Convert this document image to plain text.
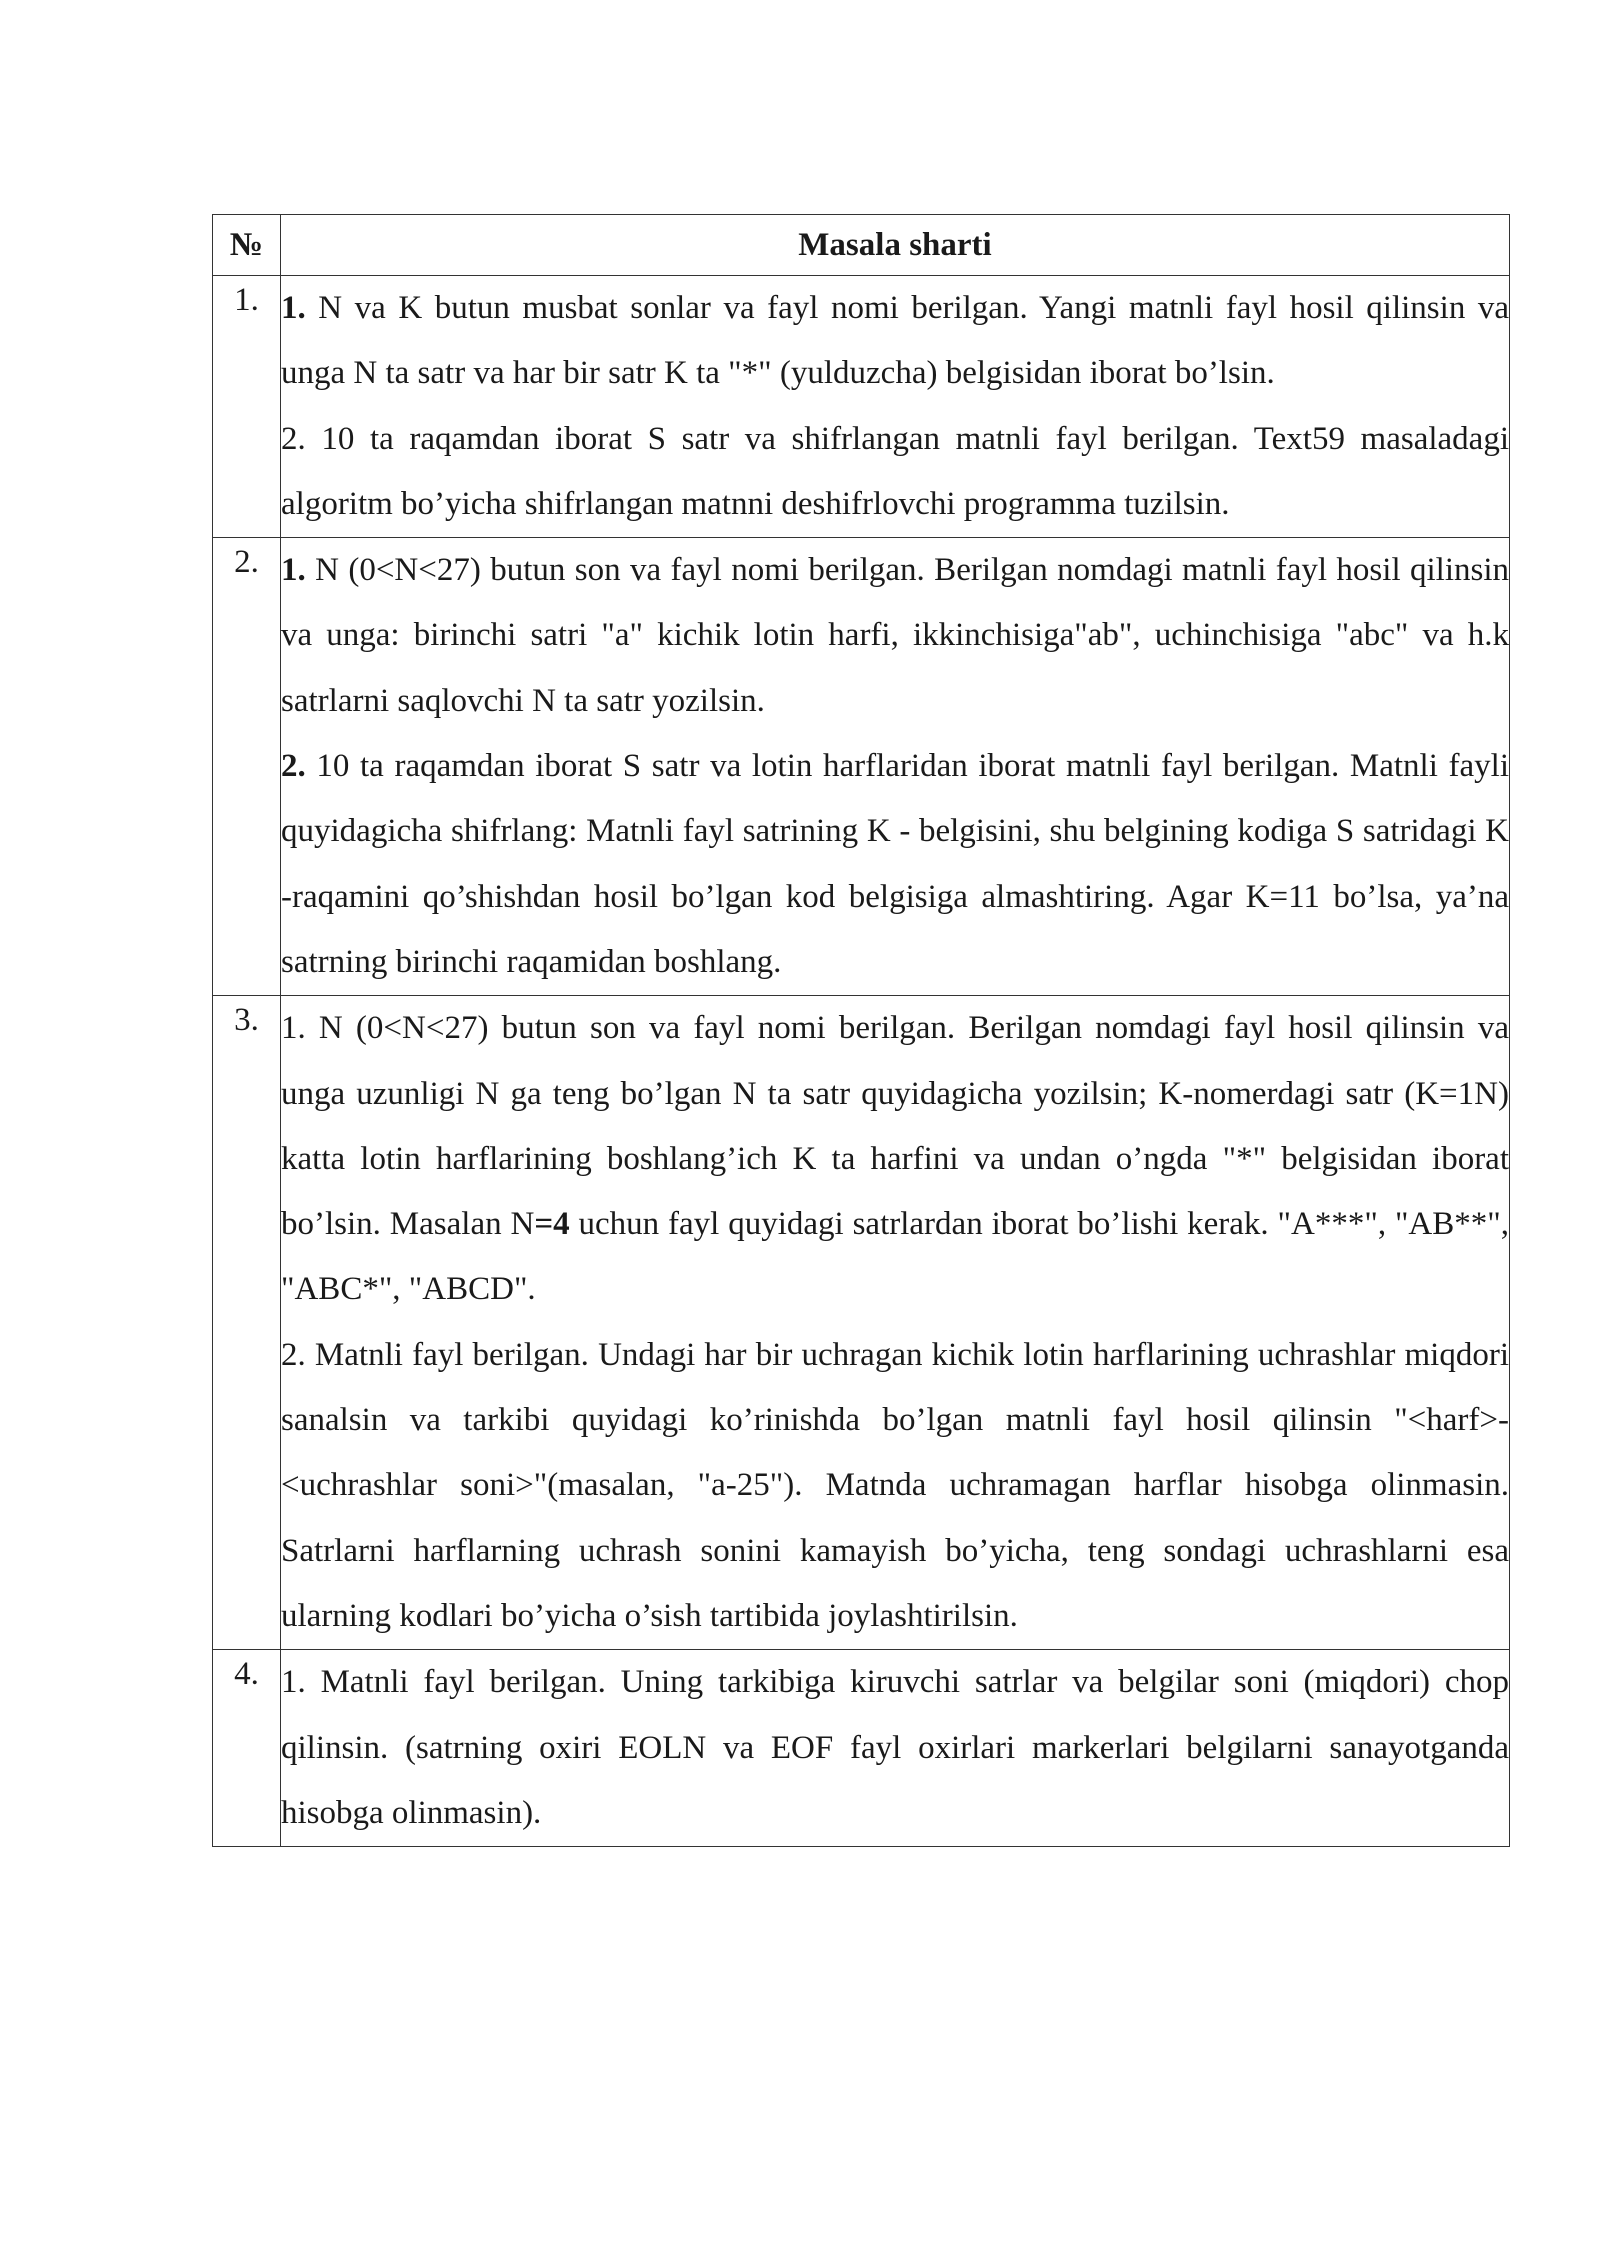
№	Masala sharti
1.	1. N va K butun musbat sonlar va fayl nomi berilgan. Yangi matnli fayl hosil qilinsin va unga N ta satr va har bir satr K ta "*" (yulduzcha) belgisidan iborat bo’lsin.

2. 10 ta raqamdan iborat S satr va shifrlangan matnli fayl berilgan. Text59 masaladagi algoritm bo’yicha shifrlangan matnni deshifrlovchi programma tuzilsin.

2.	1. N (0<N<27) butun son va fayl nomi berilgan. Berilgan nomdagi matnli fayl hosil qilinsin va unga: birinchi satri "a" kichik lotin harfi, ikkinchisiga"ab", uchinchisiga "abc" va h.k satrlarni saqlovchi N ta satr yozilsin.

2. 10 ta raqamdan iborat S satr va lotin harflaridan iborat matnli fayl berilgan. Matnli fayli quyidagicha shifrlang: Matnli fayl satrining K - belgisini, shu belgining kodiga S satridagi K -raqamini qo’shishdan hosil bo’lgan kod belgisiga almashtiring. Agar K=11 bo’lsa, ya’na satrning birinchi raqamidan boshlang.

3.	1. N (0<N<27) butun son va fayl nomi berilgan. Berilgan nomdagi fayl hosil qilinsin va unga uzunligi N ga teng bo’lgan N ta satr quyidagicha yozilsin; K-nomerdagi satr (K=1N) katta lotin harflarining boshlang’ich K ta harfini va undan o’ngda "*" belgisidan iborat bo’lsin. Masalan N=4 uchun fayl quyidagi satrlardan iborat bo’lishi kerak. "A***", "AB**", "ABC*", "ABCD".

2. Matnli fayl berilgan. Undagi har bir uchragan kichik lotin harflarining uchrashlar miqdori sanalsin va tarkibi quyidagi ko’rinishda bo’lgan matnli fayl hosil qilinsin "<harf>-<uchrashlar soni>"(masalan, "a-25"). Matnda uchramagan harflar hisobga olinmasin. Satrlarni harflarning uchrash sonini kamayish bo’yicha, teng sondagi uchrashlarni esa ularning kodlari bo’yicha o’sish tartibida joylashtirilsin.

4.	1. Matnli fayl berilgan. Uning tarkibiga kiruvchi satrlar va belgilar soni (miqdori) chop qilinsin. (satrning oxiri EOLN va EOF fayl oxirlari markerlari belgilarni sanayotganda hisobga olinmasin).
